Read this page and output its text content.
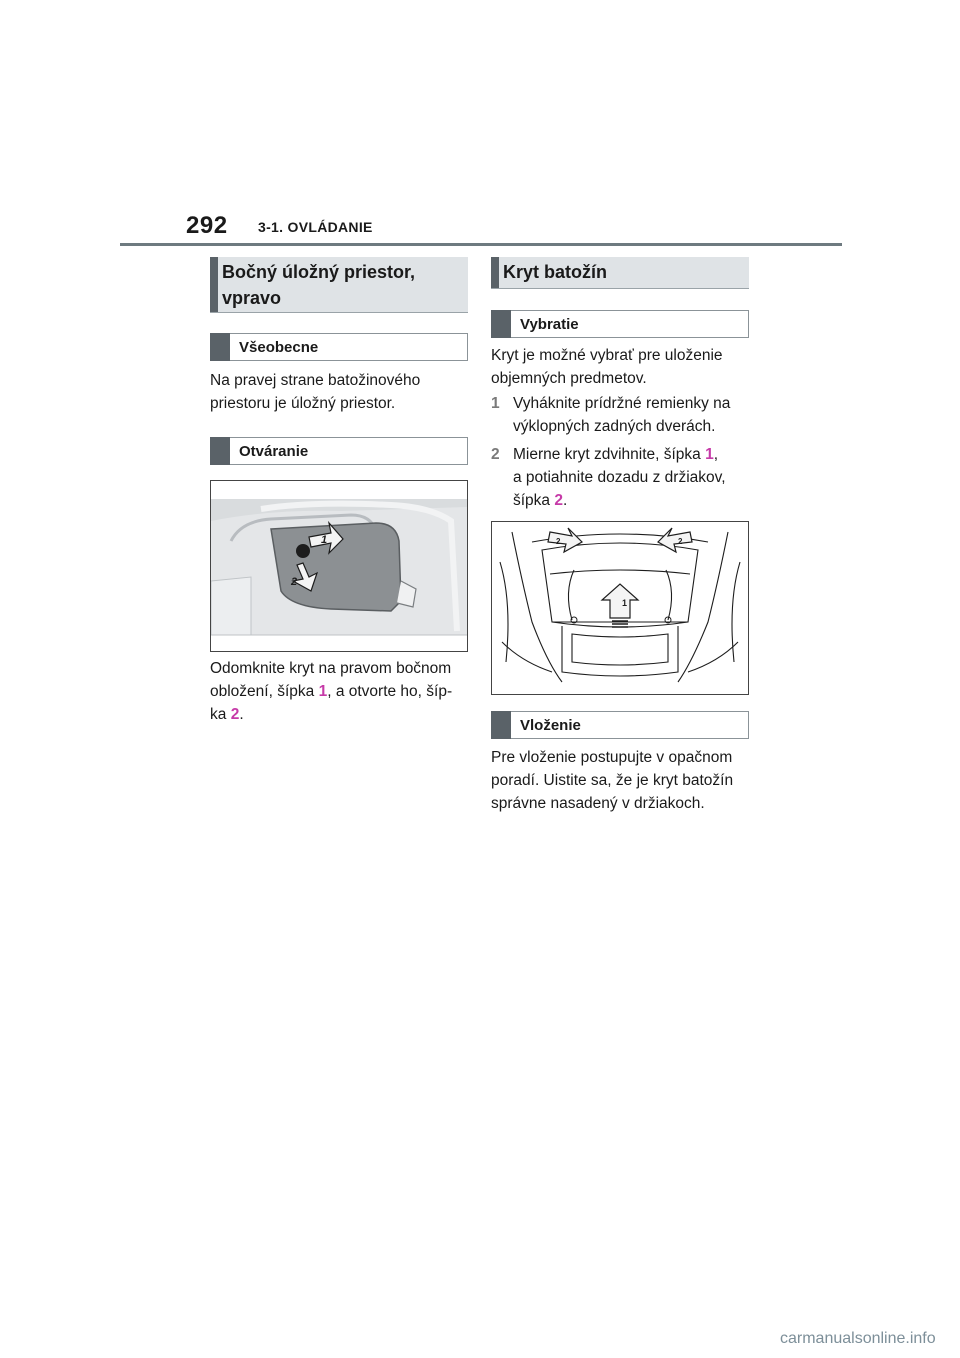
292 3-1. OVLÁDANIE
Bočný úložný priestor,
vpravo
Všeobecne
Na pravej strane batožinového
priestoru je úložný priestor.
Otváranie
1
2
Odomknite kryt na pravom bočnom
obložení, šípka 1, a otvorte ho, šíp-
ka 2.
Kryt batožín
Vybratie
Kryt je možné vybrať pre uloženie
objemných predmetov.
1 Vyháknite prídržné remienky na
výklopných zadných dverách.
2 Mierne kryt zdvihnite, šípka 1,
a potiahnite dozadu z držiakov,
šípka 2.
1
2	2
Vloženie
Pre vloženie postupujte v opačnom
poradí. Uistite sa, že je kryt batožín
správne nasadený v držiakoch.
carmanualsonline.info
